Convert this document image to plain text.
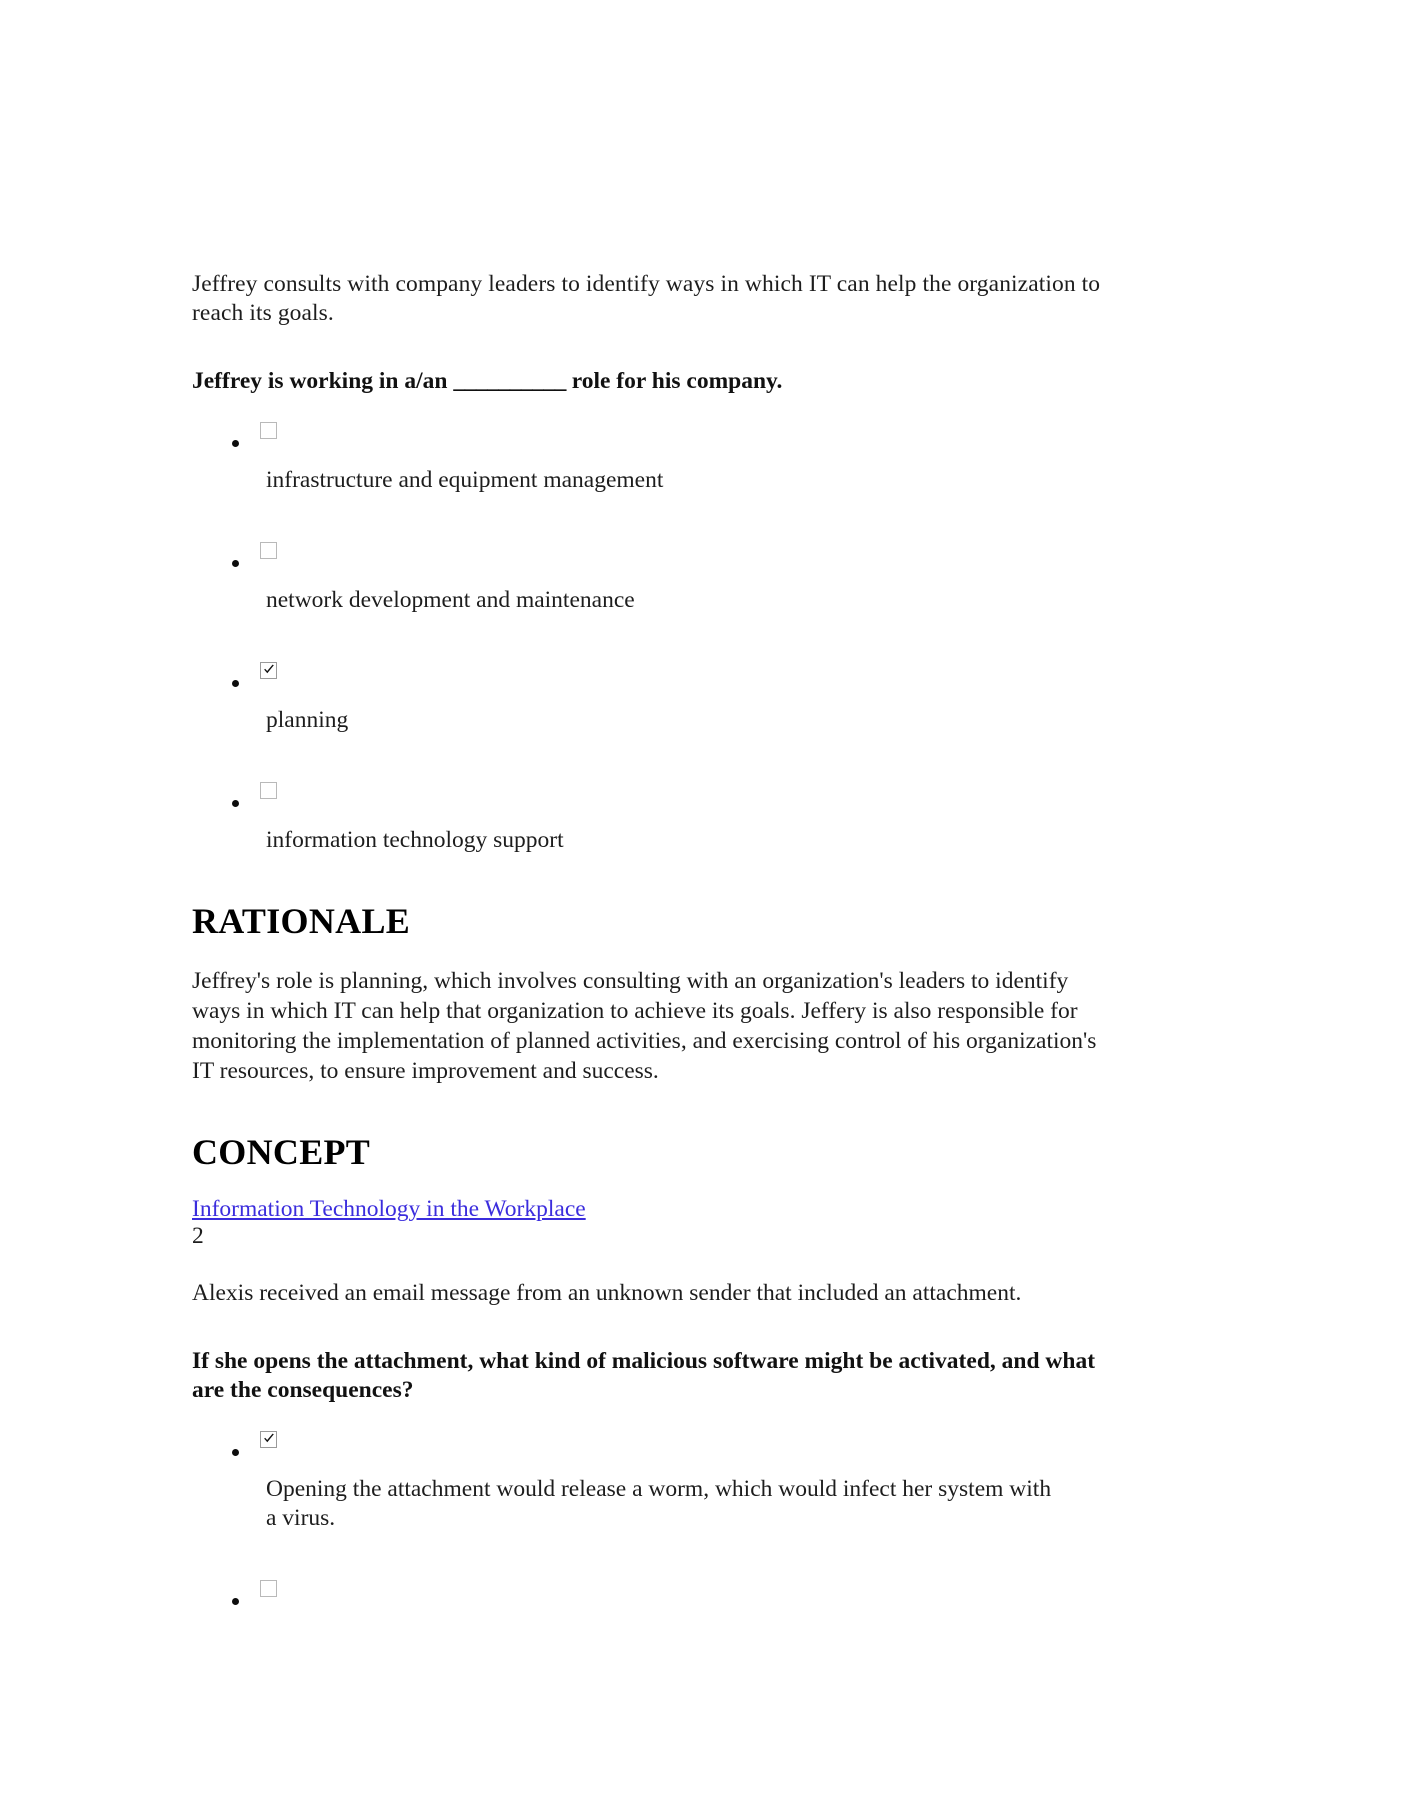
Jeffrey consults with company leaders to identify ways in which IT can help the organization to reach its goals.

Jeffrey is working in a/an __________ role for his company.

infrastructure and equipment management
network development and maintenance
planning
information technology support
RATIONALE

Jeffrey's role is planning, which involves consulting with an organization's leaders to identify ways in which IT can help that organization to achieve its goals. Jeffery is also responsible for monitoring the implementation of planned activities, and exercising control of his organization's IT resources, to ensure improvement and success.

CONCEPT
Information Technology in the Workplace
2

Alexis received an email message from an unknown sender that included an attachment.

If she opens the attachment, what kind of malicious software might be activated, and what are the consequences?

Opening the attachment would release a worm, which would infect her system with a virus.
